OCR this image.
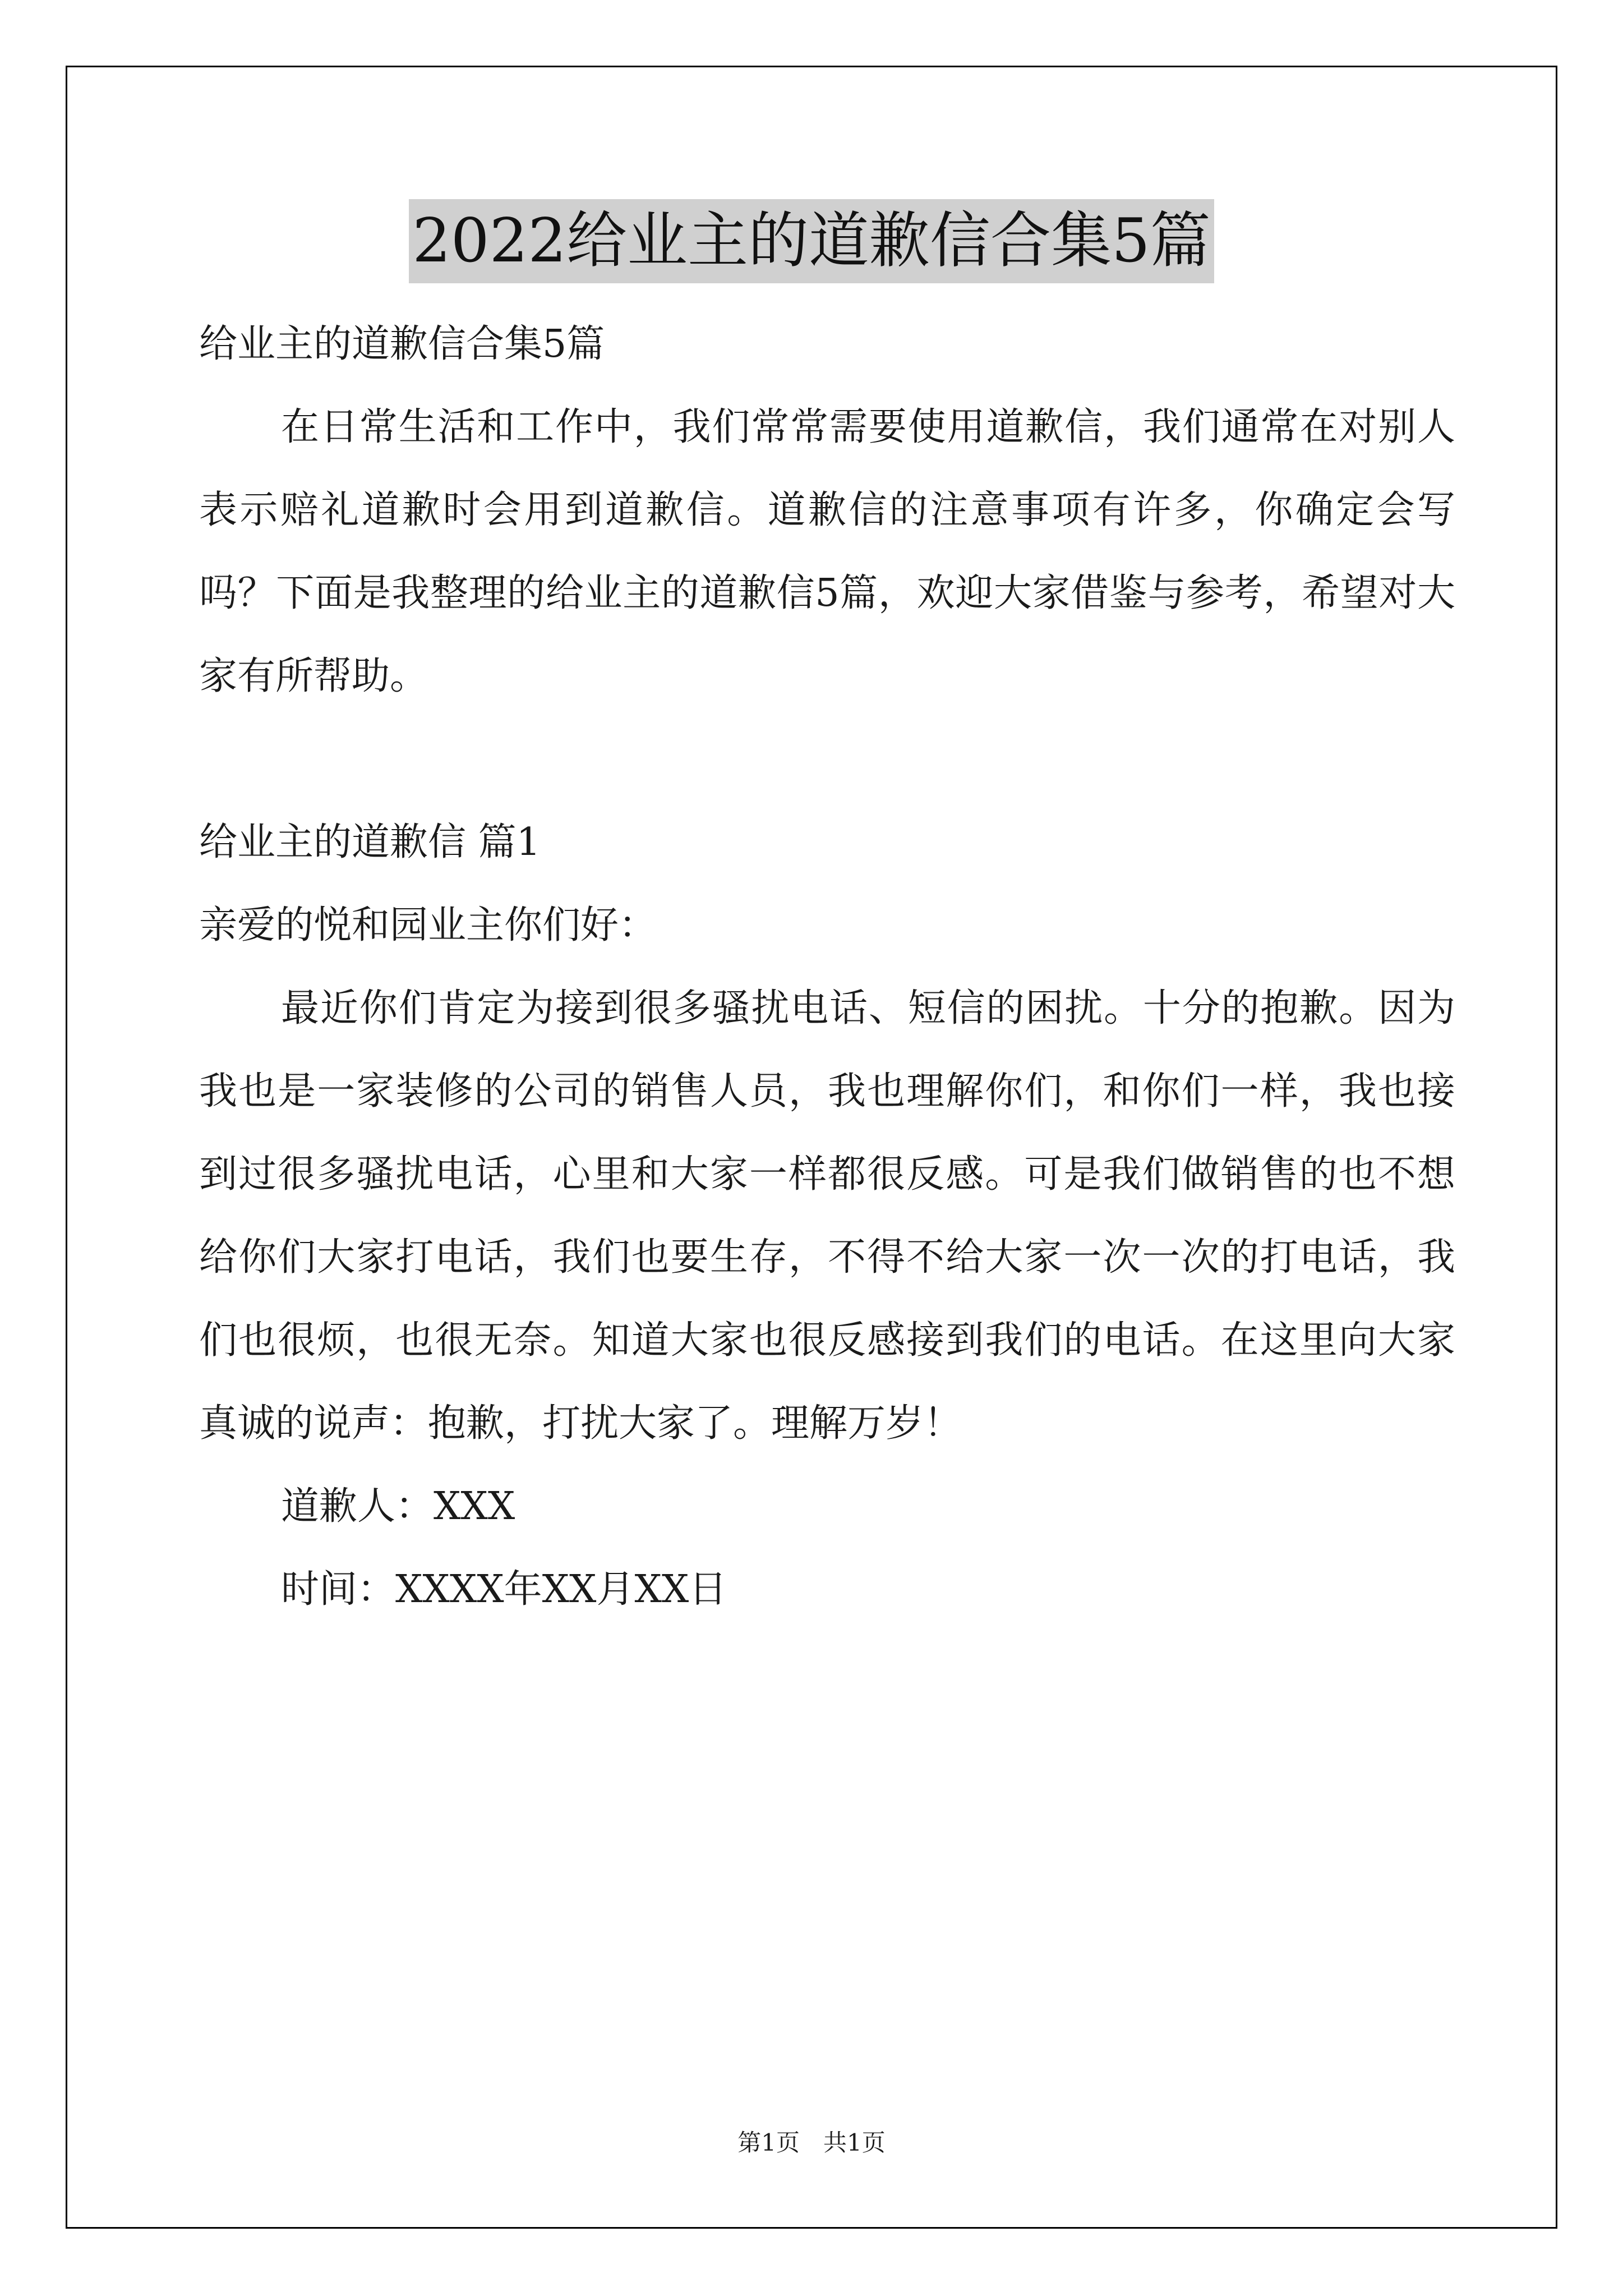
2022给业主的道歉信合集5篇

给业主的道歉信合集5篇

在日常生活和工作中，我们常常需要使用道歉信，我们通常在对别人表示赔礼道歉时会用到道歉信。道歉信的注意事项有许多，你确定会写吗？下面是我整理的给业主的道歉信5篇，欢迎大家借鉴与参考，希望对大家有所帮助。

给业主的道歉信 篇1

亲爱的悦和园业主你们好：

最近你们肯定为接到很多骚扰电话、短信的困扰。十分的抱歉。因为我也是一家装修的公司的销售人员，我也理解你们，和你们一样，我也接到过很多骚扰电话，心里和大家一样都很反感。可是我们做销售的也不想给你们大家打电话，我们也要生存，不得不给大家一次一次的打电话，我们也很烦，也很无奈。知道大家也很反感接到我们的电话。在这里向大家真诚的说声：抱歉，打扰大家了。理解万岁！

道歉人：XXX

时间：XXXX年XX月XX日

第1页　共1页
